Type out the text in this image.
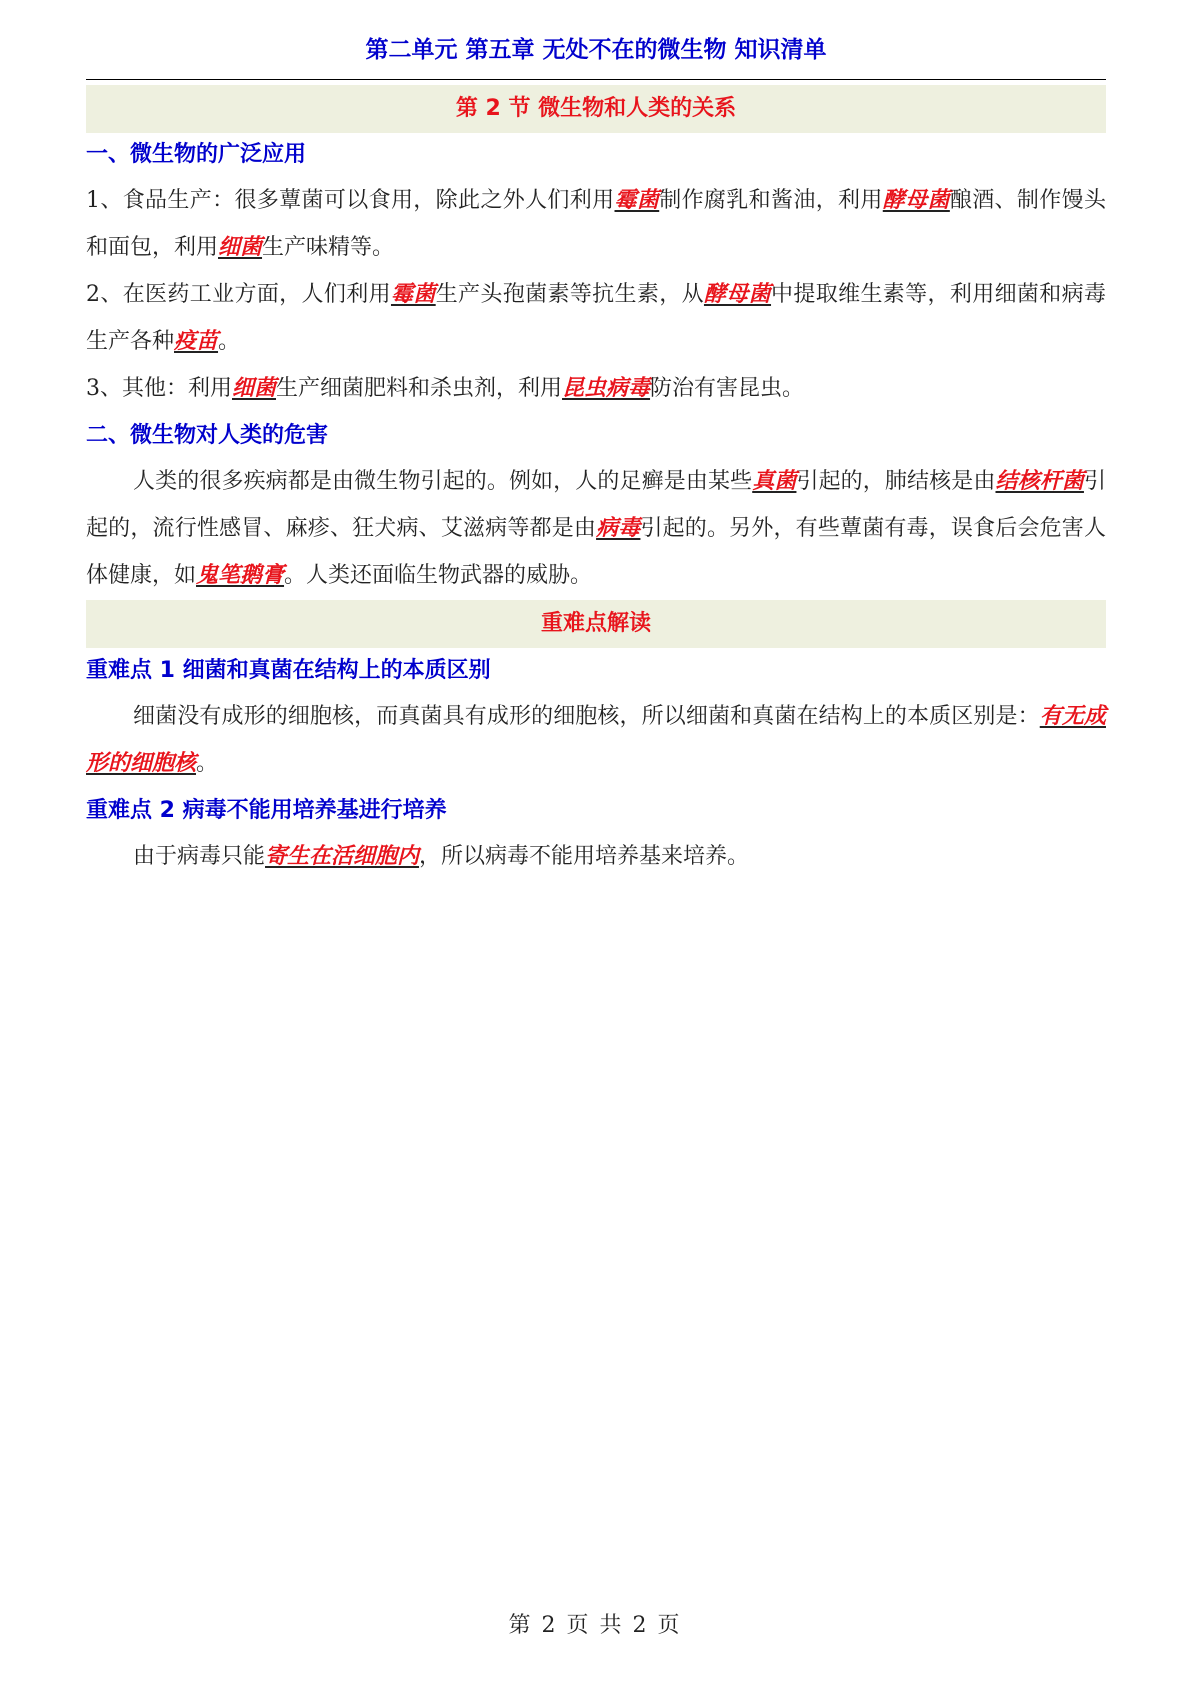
第二单元 第五章 无处不在的微生物 知识清单
第 2 节 微生物和人类的关系
一、微生物的广泛应用
1、食品生产：很多蕈菌可以食用，除此之外人们利用霉菌制作腐乳和酱油，利用酵母菌酿酒、制作馒头和面包，利用细菌生产味精等。
2、在医药工业方面，人们利用霉菌生产头孢菌素等抗生素，从酵母菌中提取维生素等，利用细菌和病毒生产各种疫苗。
3、其他：利用细菌生产细菌肥料和杀虫剂，利用昆虫病毒防治有害昆虫。
二、微生物对人类的危害
人类的很多疾病都是由微生物引起的。例如，人的足癣是由某些真菌引起的，肺结核是由结核杆菌引起的，流行性感冒、麻疹、狂犬病、艾滋病等都是由病毒引起的。另外，有些蕈菌有毒，误食后会危害人体健康，如鬼笔鹅膏。人类还面临生物武器的威胁。
重难点解读
重难点 1 细菌和真菌在结构上的本质区别
细菌没有成形的细胞核，而真菌具有成形的细胞核，所以细菌和真菌在结构上的本质区别是：有无成形的细胞核。
重难点 2 病毒不能用培养基进行培养
由于病毒只能寄生在活细胞内，所以病毒不能用培养基来培养。
第 2 页 共 2 页
